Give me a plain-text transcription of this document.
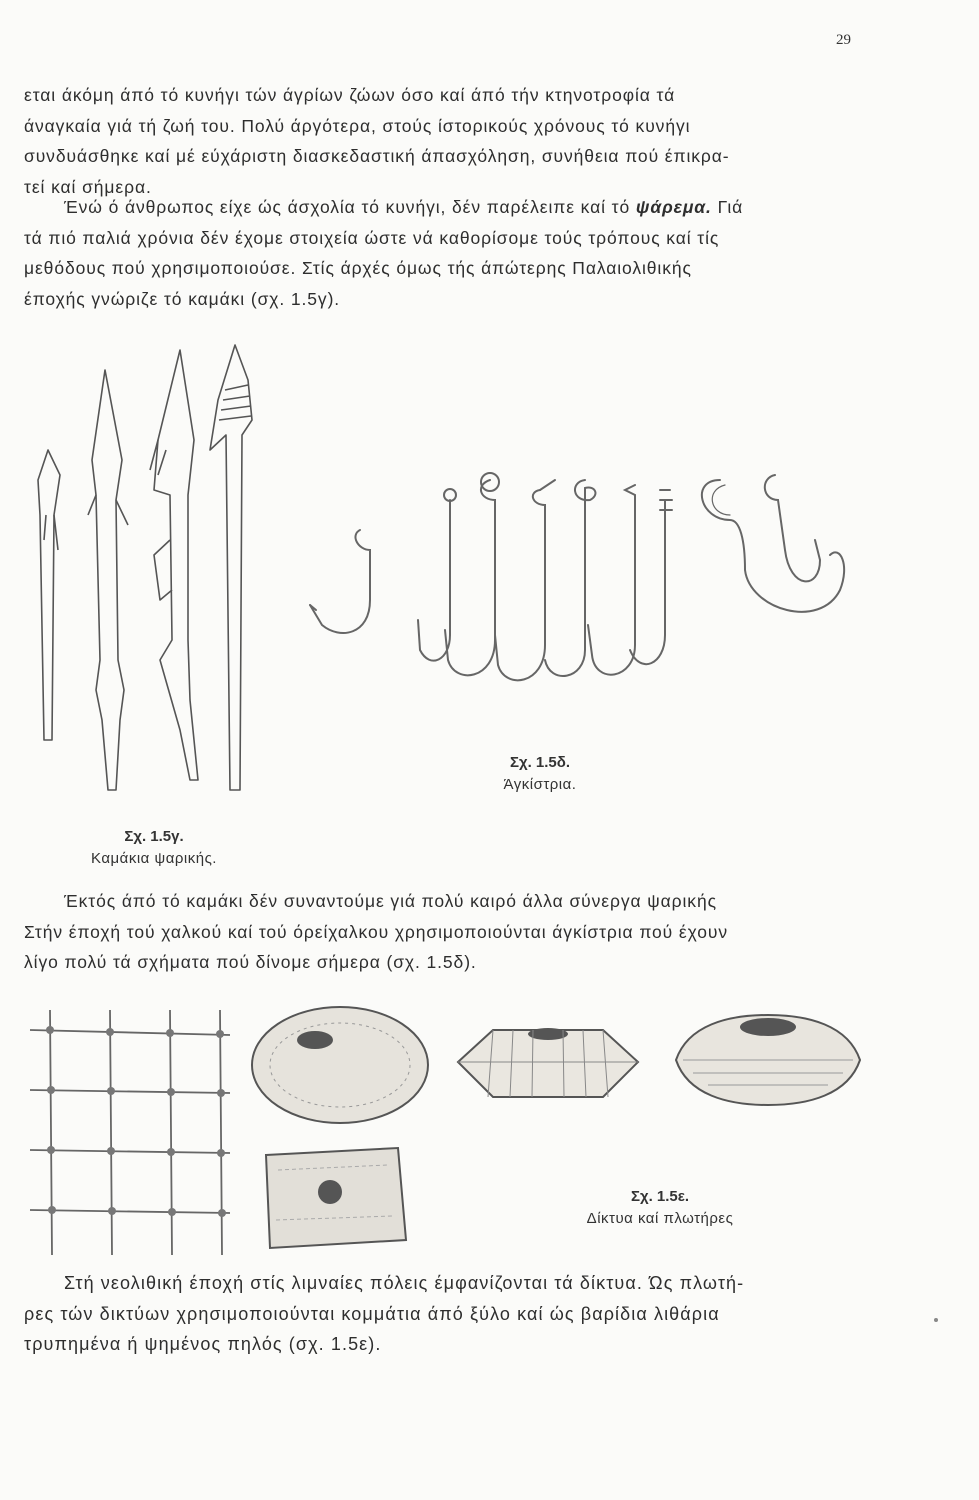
29

εται άκόμη άπό τό κυνήγι τών άγρίων ζώων όσο καί άπό τήν κτηνοτροφία τά
άναγκαία γιά τή ζωή του. Πολύ άργότερα, στούς ίστορικούς χρόνους τό κυνήγι
συνδυάσθηκε καί μέ εύχάριστη διασκεδαστική άπασχόληση, συνήθεια πού έπικρα-
τεί καί σήμερα.

Ένώ ό άνθρωπος είχε ώς άσχολία τό κυνήγι, δέν παρέλειπε καί τό ψάρεμα. Γιά
τά πιό παλιά χρόνια δέν έχομε στοιχεία ώστε νά καθορίσομε τούς τρόπους καί τίς
μεθόδους πού χρησιμοποιούσε. Στίς άρχές όμως τής άπώτερης Παλαιολιθικής
έποχής γνώριζε τό καμάκι (σχ. 1.5γ).

Σχ. 1.5γ.
Καμάκια ψαρικής.
Σχ. 1.5δ.
Άγκίστρια.

Έκτός άπό τό καμάκι δέν συναντούμε γιά πολύ καιρό άλλα σύνεργα ψαρικής
Στήν έποχή τού χαλκού καί τού όρείχαλκου χρησιμοποιούνται άγκίστρια πού έχουν
λίγο πολύ τά σχήματα πού δίνομε σήμερα (σχ. 1.5δ).

Σχ. 1.5ε.
Δίκτυα καί πλωτήρες

Στή νεολιθική έποχή στίς λιμναίες πόλεις έμφανίζονται τά δίκτυα. Ώς πλωτή-
ρες τών δικτύων χρησιμοποιούνται κομμάτια άπό ξύλο καί ώς βαρίδια λιθάρια
τρυπημένα ή ψημένος πηλός (σχ. 1.5ε).
